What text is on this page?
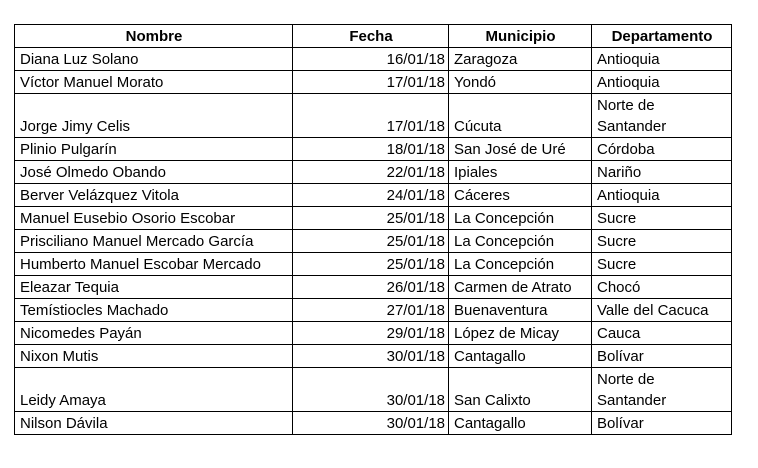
Nombre	Fecha	Municipio	Departamento
Diana Luz Solano	16/01/18	Zaragoza	Antioquia
Víctor Manuel Morato	17/01/18	Yondó	Antioquia
Jorge Jimy Celis	17/01/18	Cúcuta	Norte de Santander
Plinio Pulgarín	18/01/18	San José de Uré	Córdoba
José Olmedo Obando	22/01/18	Ipiales	Nariño
Berver Velázquez Vitola	24/01/18	Cáceres	Antioquia
Manuel Eusebio Osorio Escobar	25/01/18	La Concepción	Sucre
Prisciliano Manuel Mercado García	25/01/18	La Concepción	Sucre
Humberto Manuel Escobar Mercado	25/01/18	La Concepción	Sucre
Eleazar Tequia	26/01/18	Carmen de Atrato	Chocó
Temístiocles Machado	27/01/18	Buenaventura	Valle del Cacuca
Nicomedes Payán	29/01/18	López de Micay	Cauca
Nixon Mutis	30/01/18	Cantagallo	Bolívar
Leidy Amaya	30/01/18	San Calixto	Norte de Santander
Nilson Dávila	30/01/18	Cantagallo	Bolívar
